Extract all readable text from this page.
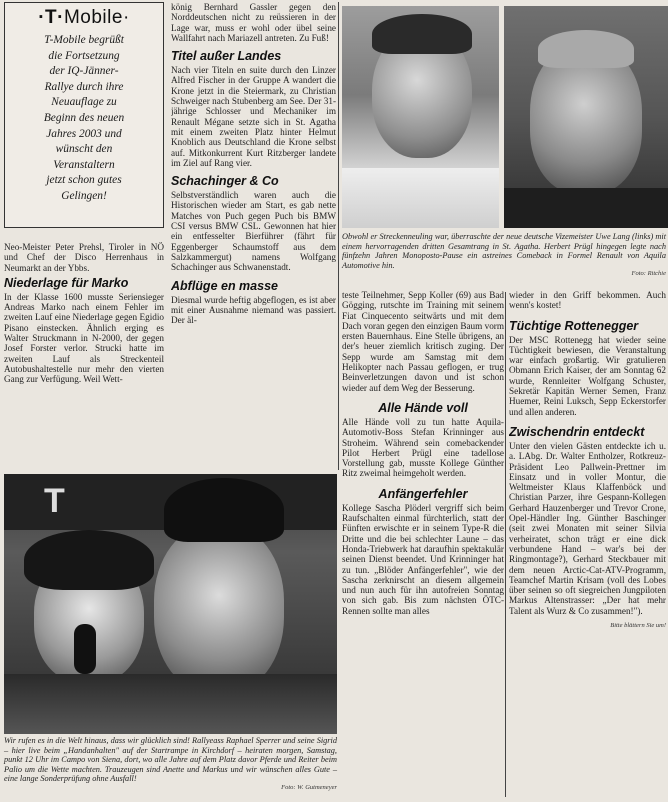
·T·Mobile·
T-Mobile begrüßt
die Fortsetzung
der IQ-Jänner-
Rallye durch ihre
Neuauflage zu
Beginn des neuen
Jahres 2003 und
wünscht den
Veranstaltern
jetzt schon gutes
Gelingen!

Neo-Meister Peter Prehsl, Tiroler in NÖ und Chef der Disco Herrenhaus in Neumarkt an der Ybbs.

Niederlage für Marko

In der Klasse 1600 musste Seriensieger Andreas Marko nach einem Fehler im zweiten Lauf eine Niederlage gegen Egidio Pisano einstecken. Ähnlich erging es Walter Struckmann in N-2000, der gegen Josef Forster verlor. Strucki hatte im zweiten Lauf als Streckenteil Autobushaltestelle nur mehr den vierten Gang zur Verfügung. Weil Wett-

könig Bernhard Gassler gegen den Norddeutschen nicht zu reüssieren in der Lage war, muss er wohl oder übel seine Wallfahrt nach Mariazell antreten. Zu Fuß!

Titel außer Landes

Nach vier Titeln en suite durch den Linzer Alfred Fischer in der Gruppe A wandert die Krone jetzt in die Steiermark, zu Christian Schweiger nach Stubenberg am See. Der 31-jährige Schlosser und Mechaniker im Renault Mégane setzte sich in St. Agatha mit einem zweiten Platz hinter Helmut Knoblich aus Deutschland die Krone selbst auf. Mitkonkurrent Kurt Ritzberger landete im Ziel auf Rang vier.

Schachinger & Co

Selbstverständlich waren auch die Historischen wieder am Start, es gab nette Matches von Puch gegen Puch bis BMW CSI versus BMW CSL. Gewonnen hat hier ein entfesselter Bierführer (fährt für Eggenberger Schaumstoff aus dem Salzkammergut) namens Wolfgang Schachinger aus Schwanenstadt.

Abflüge en masse

Diesmal wurde heftig abgeflogen, es ist aber mit einer Ausnahme niemand was passiert. Der äl-

Obwohl er Streckenneuling war, überraschte der neue deutsche Vizemeister Uwe Lang (links) mit einem hervorragenden dritten Gesamtrang in St. Agatha. Herbert Prügl hingegen legte nach fünfzehn Jahren Monoposto-Pause ein astreines Comeback in Formel Renault von Aquila Automotive hin.

Foto: Ritchie

teste Teilnehmer, Sepp Koller (69) aus Bad Gögging, rutschte im Training mit seinem Fiat Cinquecento seitwärts und mit dem Dach voran gegen den einzigen Baum vorm ersten Bauernhaus. Eine Stelle übrigens, an der's heuer ziemlich kritisch zuging. Der Sepp wurde am Samstag mit dem Helikopter nach Passau geflogen, er trug Beinverletzungen davon und ist schon wieder auf dem Weg der Besserung.

Alle Hände voll

Alle Hände voll zu tun hatte Aquila-Automotiv-Boss Stefan Krinninger aus Stroheim. Während sein comebackender Pilot Herbert Prügl eine tadellose Vorstellung gab, musste Kollege Günther Ritz zweimal heimgeholt werden.

Anfängerfehler

Kollege Sascha Plöderl vergriff sich beim Raufschalten einmal fürchterlich, statt der Fünften erwischte er in seinem Type-R die Dritte und die bei schlechter Laune – das Honda-Triebwerk hat daraufhin spektakulär seinen Dienst beendet. Und Krinninger hat zu tun. „Blöder Anfängerfehler", wie der Sascha zerknirscht an diesem allgemein und nun auch für ihn autofreien Sonntag von sich gab. Bis zum nächsten ÖTC-Rennen sollte man alles

wieder in den Griff bekommen. Auch wenn's kostet!

Tüchtige Rottenegger

Der MSC Rottenegg hat wieder seine Tüchtigkeit bewiesen, die Veranstaltung war einfach großartig. Wir gratulieren Obmann Erich Kaiser, der am Sonntag 62 wurde, Rennleiter Wolfgang Schuster, Sekretär Kapitän Werner Semen, Franz Huemer, Reini Luksch, Sepp Eckerstorfer und allen anderen.

Zwischendrin entdeckt

Unter den vielen Gästen entdeckte ich u. a. LAbg. Dr. Walter Entholzer, Rotkreuz-Präsident Leo Pallwein-Prettner im Einsatz und in voller Montur, die Weltmeister Klaus Klaffenböck und Christian Parzer, ihre Gespann-Kollegen Gerhard Hauzenberger und Trevor Crone, Opel-Händler Ing. Günther Baschinger (seit zwei Monaten mit seiner Silvia verheiratet, schon trägt er eine dick verbundene Hand – war's bei der Ringmontage?), Gerhard Steckbauer mit dem neuen Arctic-Cat-ATV-Programm, Teamchef Martin Krisam (voll des Lobes über seinen so oft siegreichen Jungpiloten Markus Altenstrasser: „Der hat mehr Talent als Wurz & Co zusammen!").

Bitte blättern Sie um!

T

Wir rufen es in die Welt hinaus, dass wir glücklich sind! Rallyeass Raphael Sperrer und seine Sigrid – hier live beim „Handanhalten" auf der Startrampe in Kirchdorf – heiraten morgen, Samstag, punkt 12 Uhr im Campo von Siena, dort, wo alle Jahre auf dem Platz davor Pferde und Reiter beim Palio um die Wette machten. Trauzeugen sind Anette und Markus und wir wünschen alles Gute – eine lange Sonderprüfung ohne Ausfall!

Foto: W. Gutmeneyer
